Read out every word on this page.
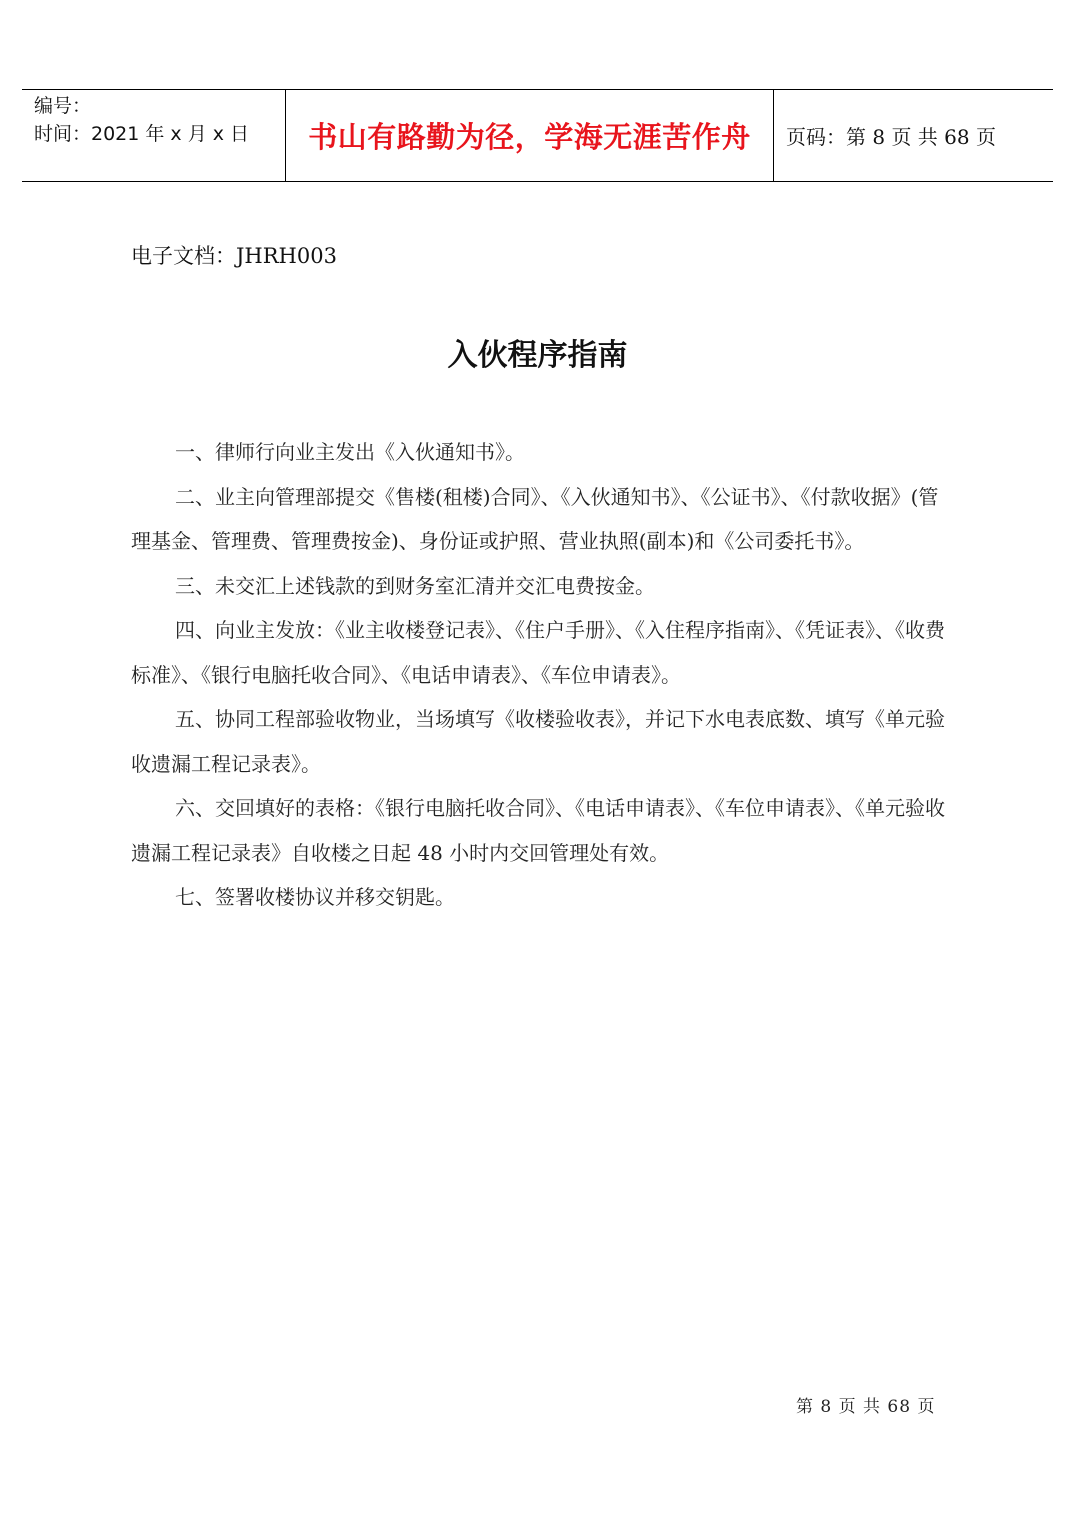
编号：
时间：2021 年 x 月 x 日	书山有路勤为径，学海无涯苦作舟	页码：第 8 页 共 68 页
电子文档：JHRH003
入伙程序指南

一、律师行向业主发出《入伙通知书》。

二、业主向管理部提交《售楼(租楼)合同》、《入伙通知书》、《公证书》、《付款收据》(管理基金、管理费、管理费按金)、身份证或护照、营业执照(副本)和《公司委托书》。

三、未交汇上述钱款的到财务室汇清并交汇电费按金。

四、向业主发放：《业主收楼登记表》、《住户手册》、《入住程序指南》、《凭证表》、《收费标准》、《银行电脑托收合同》、《电话申请表》、《车位申请表》。

五、协同工程部验收物业，当场填写《收楼验收表》，并记下水电表底数、填写《单元验收遗漏工程记录表》。

六、交回填好的表格：《银行电脑托收合同》、《电话申请表》、《车位申请表》、《单元验收遗漏工程记录表》自收楼之日起 48 小时内交回管理处有效。

七、签署收楼协议并移交钥匙。

第 8 页 共 68 页
